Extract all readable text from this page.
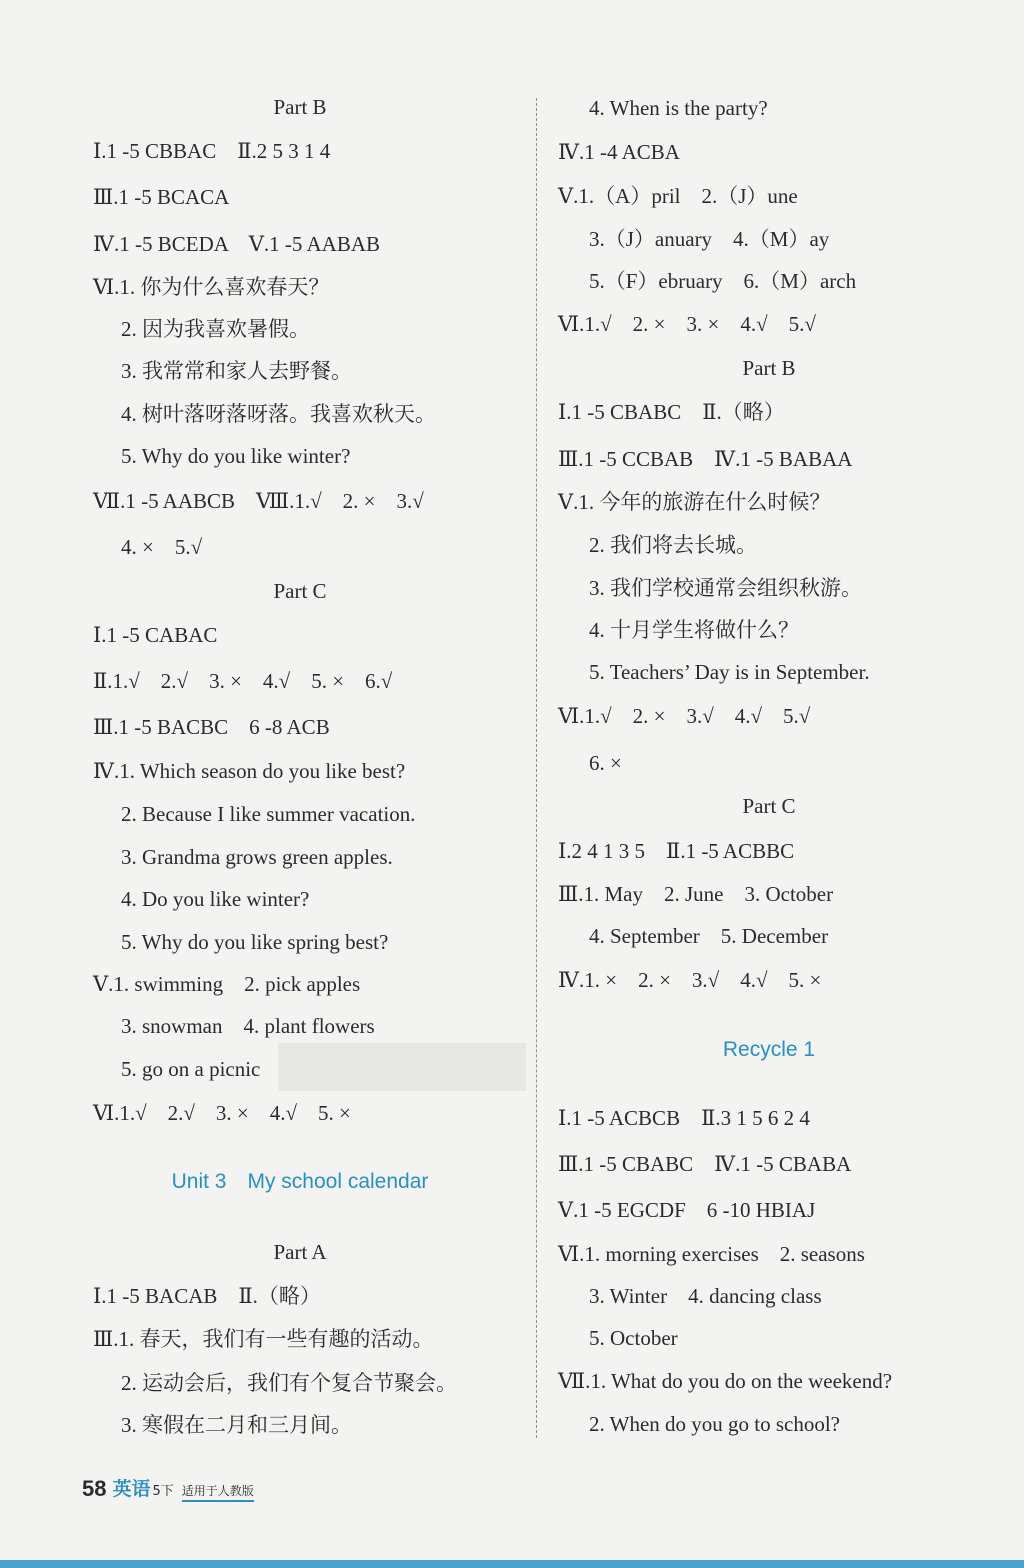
Part B
Ⅰ.1 -5 CBBAC　Ⅱ.2 5 3 1 4
Ⅲ.1 -5 BCACA
Ⅳ.1 -5 BCEDA　Ⅴ.1 -5 AABAB
Ⅵ.1. 你为什么喜欢春天？
2. 因为我喜欢暑假。
3. 我常常和家人去野餐。
4. 树叶落呀落呀落。我喜欢秋天。
5. Why do you like winter?
Ⅶ.1 -5 AABCB　Ⅷ.1.√　2. ×　3.√
4. ×　5.√
Part C
Ⅰ.1 -5 CABAC
Ⅱ.1.√　2.√　3. ×　4.√　5. ×　6.√
Ⅲ.1 -5 BACBC　6 -8 ACB
Ⅳ.1. Which season do you like best?
2. Because I like summer vacation.
3. Grandma grows green apples.
4. Do you like winter?
5. Why do you like spring best?
Ⅴ.1. swimming　2. pick apples
3. snowman　4. plant flowers
5. go on a picnic
Ⅵ.1.√　2.√　3. ×　4.√　5. ×
Unit 3　My school calendar
Part A
Ⅰ.1 -5 BACAB　Ⅱ.（略）
Ⅲ.1. 春天，我们有一些有趣的活动。
2. 运动会后，我们有个复合节聚会。
3. 寒假在二月和三月间。
4. When is the party?
Ⅳ.1 -4 ACBA
Ⅴ.1.（A）pril　2.（J）une
3.（J）anuary　4.（M）ay
5.（F）ebruary　6.（M）arch
Ⅵ.1.√　2. ×　3. ×　4.√　5.√
Part B
Ⅰ.1 -5 CBABC　Ⅱ.（略）
Ⅲ.1 -5 CCBAB　Ⅳ.1 -5 BABAA
Ⅴ.1. 今年的旅游在什么时候？
2. 我们将去长城。
3. 我们学校通常会组织秋游。
4. 十月学生将做什么？
5. Teachers’ Day is in September.
Ⅵ.1.√　2. ×　3.√　4.√　5.√
6. ×
Part C
Ⅰ.2 4 1 3 5　Ⅱ.1 -5 ACBBC
Ⅲ.1. May　2. June　3. October
4. September　5. December
Ⅳ.1. ×　2. ×　3.√　4.√　5. ×
Recycle 1
Ⅰ.1 -5 ACBCB　Ⅱ.3 1 5 6 2 4
Ⅲ.1 -5 CBABC　Ⅳ.1 -5 CBABA
Ⅴ.1 -5 EGCDF　6 -10 HBIAJ
Ⅵ.1. morning exercises　2. seasons
3. Winter　4. dancing class
5. October
Ⅶ.1. What do you do on the weekend?
2. When do you go to school?
58 英语 5下 适用于人教版
